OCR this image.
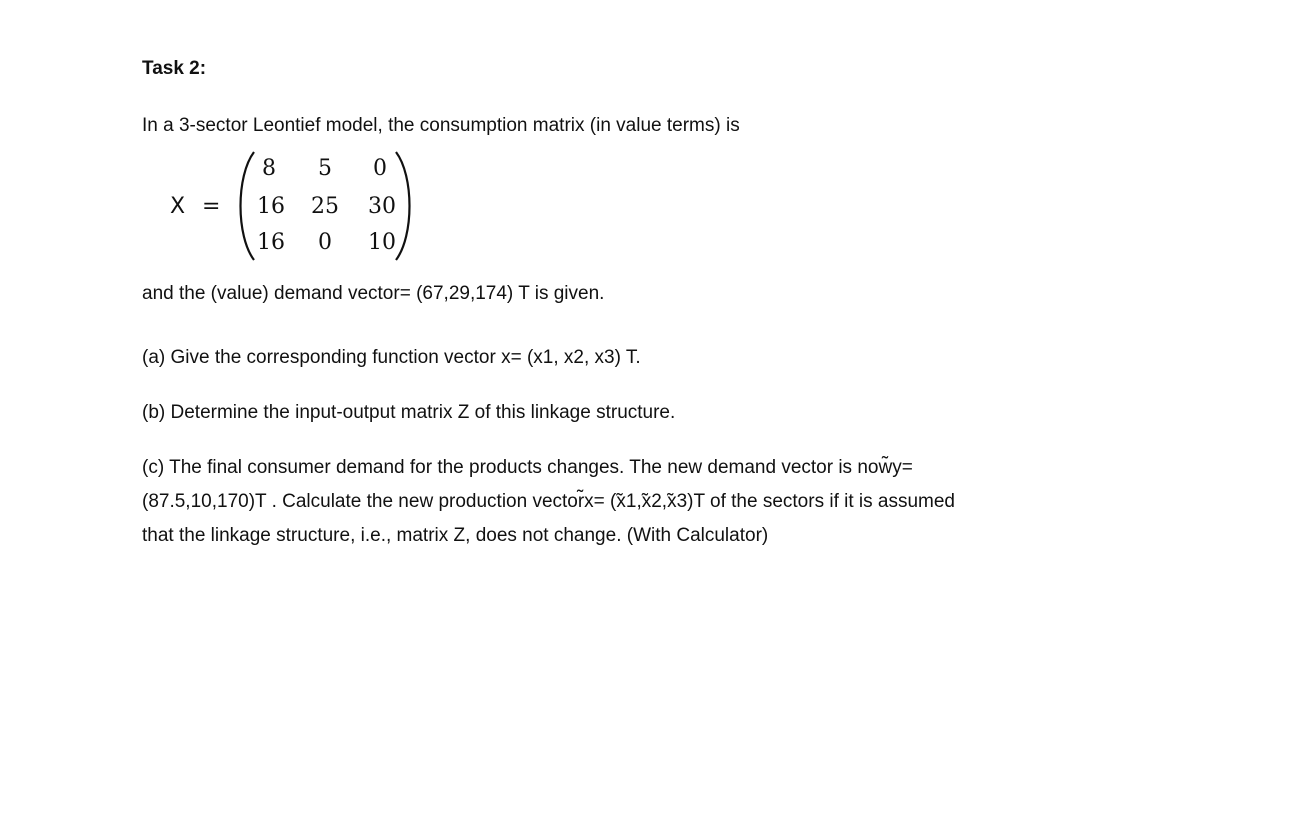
Task 2:
In a 3-sector Leontief model, the consumption matrix (in value terms) is
X =
8	5	0
16 25 30
16	0	10
and the (value) demand vector= (67,29,174) T is given.
(a) Give the corresponding function vector x= (x1, x2, x3) T.
(b) Determine the input-output matrix Z of this linkage structure.
(c) The final consumer demand for the products changes. The new demand vector is now̃y=
(87.5,10,170)T . Calculate the new production vector̃x= (̃x1,̃x2,̃x3)T of the sectors if it is assumed
that the linkage structure, i.e., matrix Z, does not change. (With Calculator)
